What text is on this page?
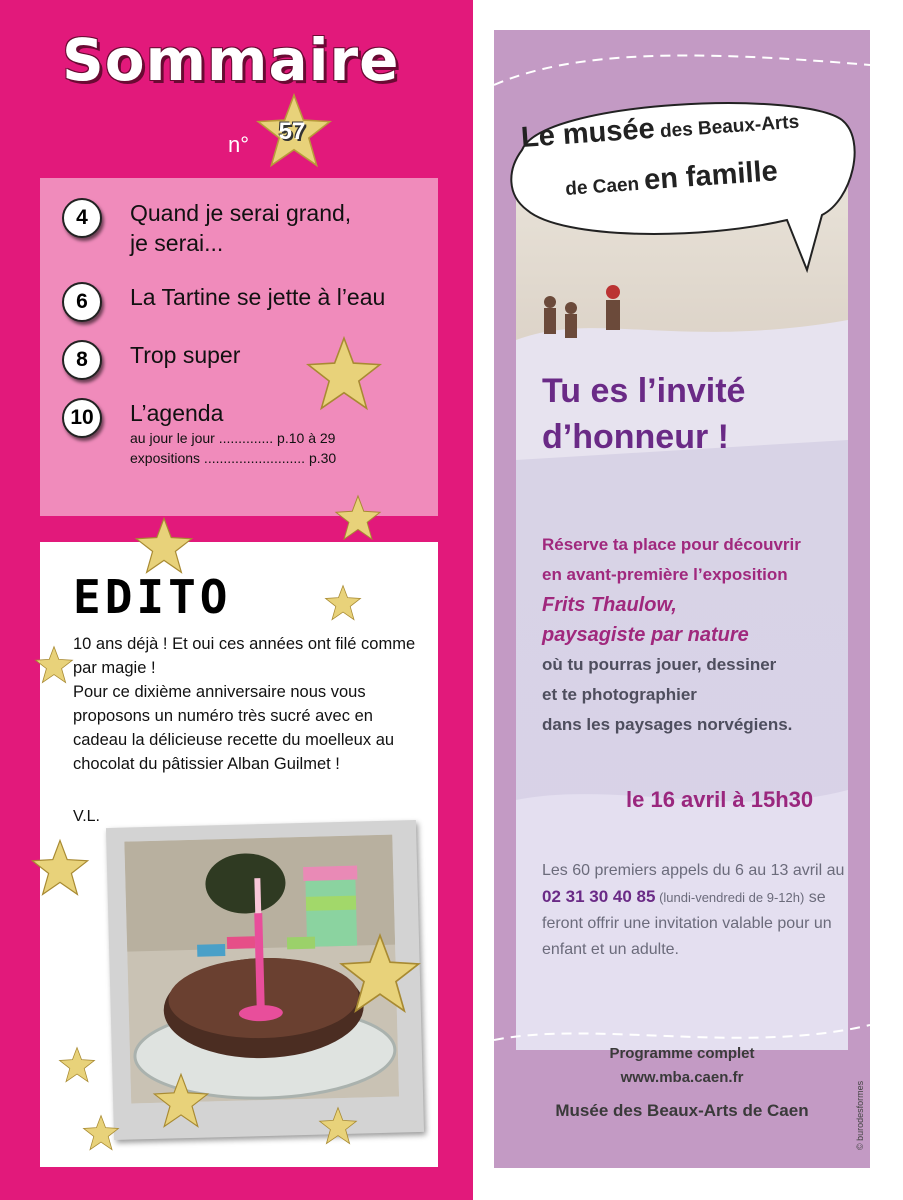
Sommaire
n° 57
4	Quand je serai grand,
je serai...
6	La Tartine se jette à l’eau
8	Trop super
10	L’agenda
au jour le jour .............. p.10 à 29
expositions .......................... p.30
EDITO
10 ans déjà ! Et oui ces années ont filé comme par magie !
Pour ce dixième anniversaire nous vous proposons un numéro très sucré avec en cadeau la délicieuse recette du moelleux au chocolat du pâtissier Alban Guilmet !
V.L.
Le musée des Beaux-Arts
de Caen en famille
Tu es l’invité
d’honneur !
Réserve ta place pour découvrir
en avant-première l’exposition
Frits Thaulow,
paysagiste par nature
où tu pourras jouer, dessiner
et te photographier
dans les paysages norvégiens.
le 16 avril à 15h30
Les 60 premiers appels du 6 au 13 avril au 02 31 30 40 85 (lundi-vendredi de 9-12h) se feront offrir une invitation valable pour un enfant et un adulte.
Programme complet
www.mba.caen.fr
Musée des Beaux-Arts de Caen	© burodesformes
